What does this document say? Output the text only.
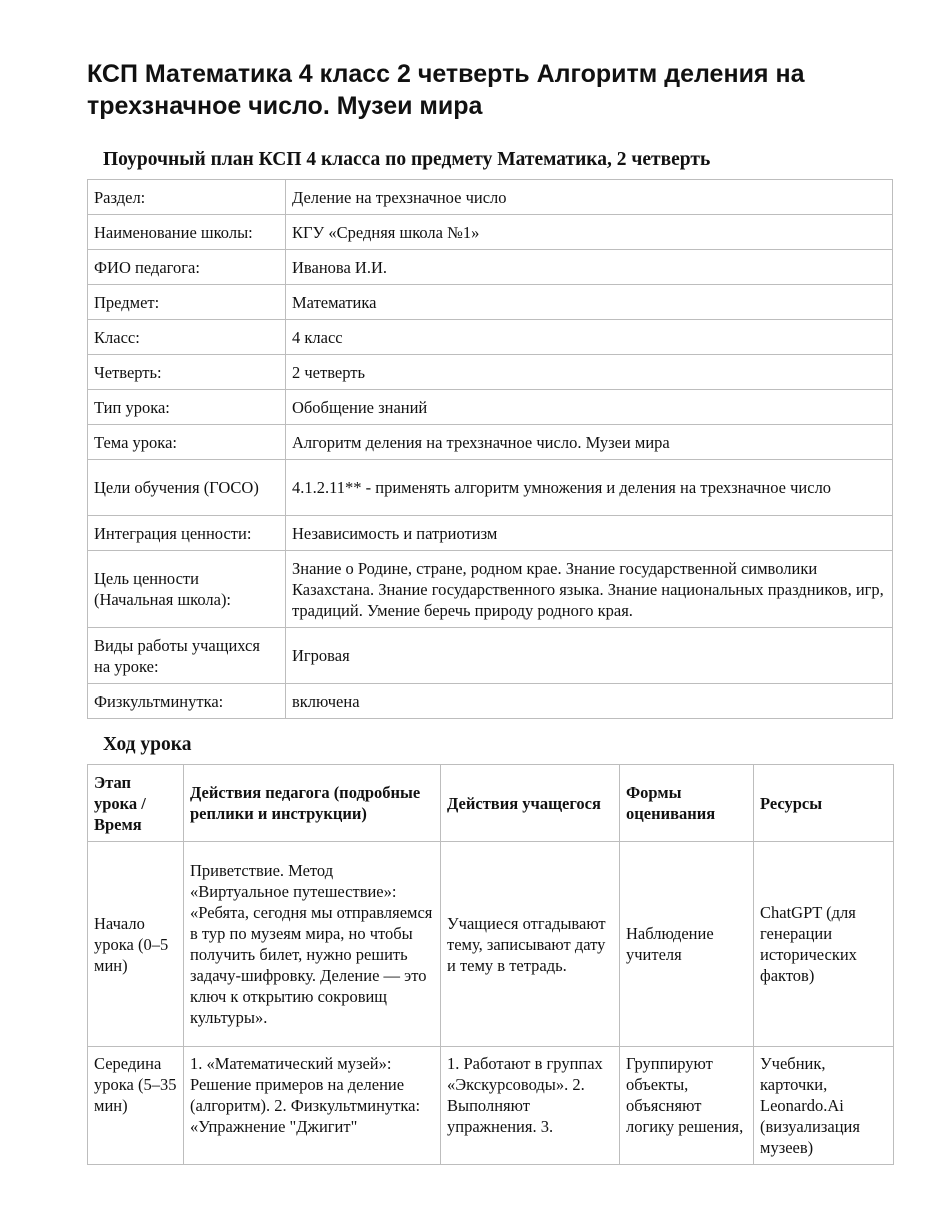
КСП Математика 4 класс 2 четверть Алгоритм деления на трехзначное число. Музеи мира
Поурочный план КСП 4 класса по предмету Математика, 2 четверть
Раздел:	Деление на трехзначное число
Наименование школы:	КГУ «Средняя школа №1»
ФИО педагога:	Иванова И.И.
Предмет:	Математика
Класс:	4 класс
Четверть:	2 четверть
Тип урока:	Обобщение знаний
Тема урока:	Алгоритм деления на трехзначное число. Музеи мира
Цели обучения (ГОСО)	4.1.2.11** - применять алгоритм умножения и деления на трехзначное число
Интеграция ценности:	Независимость и патриотизм
Цель ценности (Начальная школа):	Знание о Родине, стране, родном крае. Знание государственной символики Казахстана. Знание государственного языка. Знание национальных праздников, игр, традиций. Умение беречь природу родного края.
Виды работы учащихся на уроке:	Игровая
Физкультминутка:	включена
Ход урока
Этап урока / Время	Действия педагога (подробные реплики и инструкции)	Действия учащегося	Формы оценивания	Ресурсы
Начало урока (0–5 мин)	Приветствие. Метод «Виртуальное путешествие»: «Ребята, сегодня мы отправляемся в тур по музеям мира, но чтобы получить билет, нужно решить задачу-шифровку. Деление — это ключ к открытию сокровищ культуры».	Учащиеся отгадывают тему, записывают дату и тему в тетрадь.	Наблюдение учителя	ChatGPT (для генерации исторических фактов)
Середина урока (5–35 мин)	1. «Математический музей»: Решение примеров на деление (алгоритм). 2. Физкультминутка: «Упражнение "Джигит"	1. Работают в группах «Экскурсоводы». 2. Выполняют упражнения. 3.	Группируют объекты, объясняют логику решения,	Учебник, карточки, Leonardo.Ai (визуализация музеев)
